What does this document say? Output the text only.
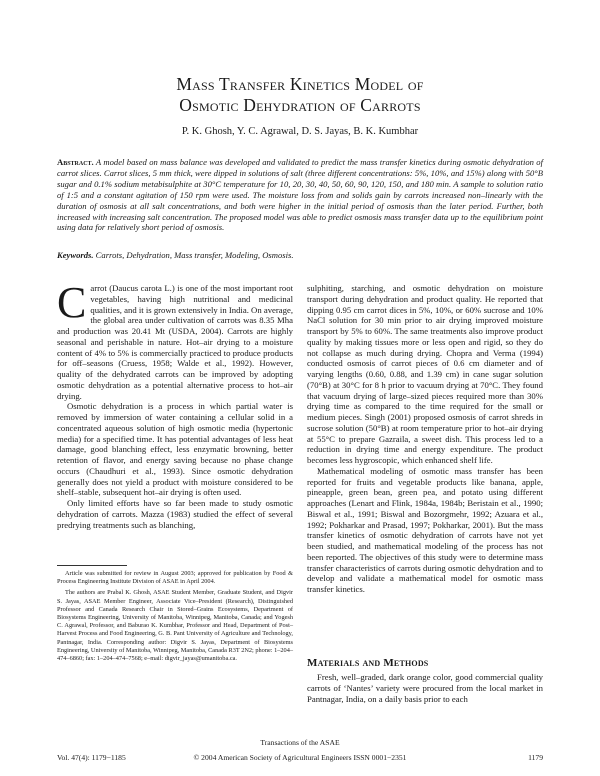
Mass Transfer Kinetics Model of
Osmotic Dehydration of Carrots
P. K. Ghosh, Y. C. Agrawal, D. S. Jayas, B. K. Kumbhar
Abstract. A model based on mass balance was developed and validated to predict the mass transfer kinetics during osmotic dehydration of carrot slices. Carrot slices, 5 mm thick, were dipped in solutions of salt (three different concentrations: 5%, 10%, and 15%) along with 50°B sugar and 0.1% sodium metabisulphite at 30°C temperature for 10, 20, 30, 40, 50, 60, 90, 120, 150, and 180 min. A sample to solution ratio of 1:5 and a constant agitation of 150 rpm were used. The moisture loss from and solids gain by carrots increased non–linearly with the duration of osmosis at all salt concentrations, and both were higher in the initial period of osmosis than the later period. Further, both increased with increasing salt concentration. The proposed model was able to predict osmosis mass transfer data up to the equilibrium point using data for relatively short period of osmosis.
Keywords. Carrots, Dehydration, Mass transfer, Modeling, Osmosis.

Carrot (Daucus carota L.) is one of the most important root vegetables, having high nutritional and medicinal qualities, and it is grown extensively in India. On average, the global area under cultivation of carrots was 8.35 Mha and production was 20.41 Mt (USDA, 2004). Carrots are highly seasonal and perishable in nature. Hot–air drying to a moisture content of 4% to 5% is commercially practiced to produce products for off–seasons (Cruess, 1958; Walde et al., 1992). However, quality of the dehydrated carrots can be improved by adopting osmotic dehydration as a potential alternative process to hot–air drying.

Osmotic dehydration is a process in which partial water is removed by immersion of water containing a cellular solid in a concentrated aqueous solution of high osmotic media (hypertonic media) for a specified time. It has potential advantages of less heat damage, good blanching effect, less enzymatic browning, better retention of flavor, and energy saving because no phase change occurs (Chaudhuri et al., 1993). Since osmotic dehydration generally does not yield a product with moisture considered to be shelf–stable, subsequent hot–air drying is often used.

Only limited efforts have so far been made to study osmotic dehydration of carrots. Mazza (1983) studied the effect of several predrying treatments such as blanching,

Article was submitted for review in August 2003; approved for publication by Food & Process Engineering Institute Division of ASAE in April 2004.

The authors are Prabal K. Ghosh, ASAE Student Member, Graduate Student, and Digvir S. Jayas, ASAE Member Engineer, Associate Vice–President (Research), Distinguished Professor and Canada Research Chair in Stored–Grains Ecosystems, Department of Biosystems Engineering, University of Manitoba, Winnipeg, Manitoba, Canada; and Yogesh C. Agrawal, Professor, and Baburao K. Kumbhar, Professor and Head, Department of Post–Harvest Process and Food Engineering, G. B. Pant University of Agriculture and Technology, Pantnagar, India. Corresponding author: Digvir S. Jayas, Department of Biosystems Engineering, University of Manitoba, Winnipeg, Manitoba, Canada R3T 2N2; phone: 1–204–474–6860; fax: 1–204–474–7568; e–mail: digvir_jayas@umanitoba.ca.

sulphiting, starching, and osmotic dehydration on moisture transport during dehydration and product quality. He reported that dipping 0.95 cm carrot dices in 5%, 10%, or 60% sucrose and 10% NaCl solution for 30 min prior to air drying improved moisture transport by 5% to 60%. The same treatments also improve product quality by making tissues more or less open and rigid, so they do not collapse as much during drying. Chopra and Verma (1994) conducted osmosis of carrot pieces of 0.6 cm diameter and of varying lengths (0.60, 0.88, and 1.39 cm) in cane sugar solution (70°B) at 30°C for 8 h prior to vacuum drying at 70°C. They found that vacuum drying of large–sized pieces required more than 30% drying time as compared to the time required for the small or medium pieces. Singh (2001) proposed osmosis of carrot shreds in sucrose solution (50°B) at room temperature prior to hot–air drying at 55°C to prepare Gazraila, a sweet dish. This process led to a reduction in drying time and energy expenditure. The product becomes less hygroscopic, which enhanced shelf life.

Mathematical modeling of osmotic mass transfer has been reported for fruits and vegetable products like banana, apple, pineapple, green bean, green pea, and potato using different approaches (Lenart and Flink, 1984a, 1984b; Beristain et al., 1990; Biswal et al., 1991; Biswal and Bozorgmehr, 1992; Azuara et al., 1992; Pokharkar and Prasad, 1997; Pokharkar, 2001). But the mass transfer kinetics of osmotic dehydration of carrots have not yet been studied, and mathematical modeling of the process has not been reported. The objectives of this study were to determine mass transfer characteristics of carrots during osmotic dehydration and to develop and validate a mathematical model for osmotic mass transfer kinetics.

Materials and Methods

Fresh, well–graded, dark orange color, good commercial quality carrots of ‘Nantes’ variety were procured from the local market in Pantnagar, India, on a daily basis prior to each

Transactions of the ASAE
Vol. 47(4): 1179−1185	© 2004 American Society of Agricultural Engineers ISSN 0001−2351	1179
